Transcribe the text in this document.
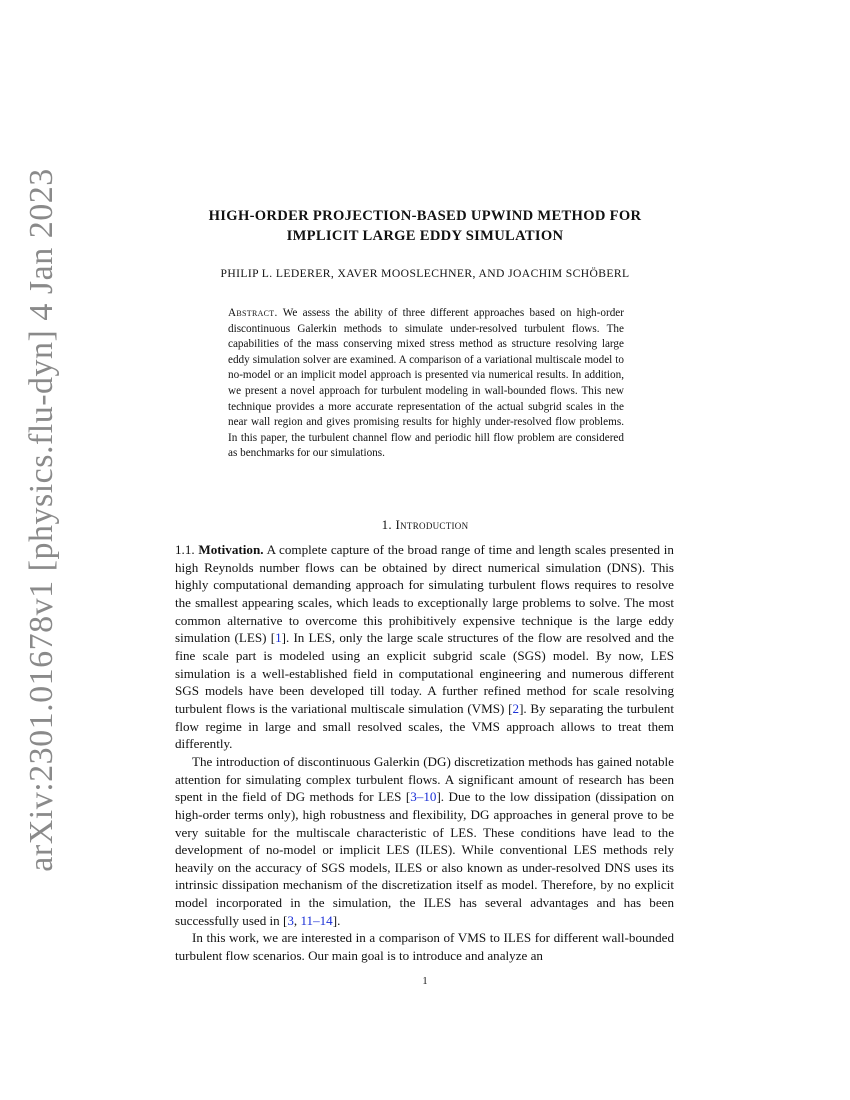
arXiv:2301.01678v1 [physics.flu-dyn] 4 Jan 2023	HIGH-ORDER PROJECTION-BASED UPWIND METHOD FOR
IMPLICIT LARGE EDDY SIMULATION
PHILIP L. LEDERER, XAVER MOOSLECHNER, AND JOACHIM SCHÖBERL
Abstract. We assess the ability of three different approaches based on high-order discontinuous Galerkin methods to simulate under-resolved turbulent flows. The capabilities of the mass conserving mixed stress method as structure resolving large eddy simulation solver are examined. A comparison of a variational multiscale model to no-model or an implicit model approach is presented via numerical results. In addition, we present a novel approach for turbulent modeling in wall-bounded flows. This new technique provides a more accurate representation of the actual subgrid scales in the near wall region and gives promising results for highly under-resolved flow problems. In this paper, the turbulent channel flow and periodic hill flow problem are considered as benchmarks for our simulations.
1. Introduction

1.1. Motivation. A complete capture of the broad range of time and length scales presented in high Reynolds number flows can be obtained by direct numerical simulation (DNS). This highly computational demanding approach for simulating turbulent flows requires to resolve the smallest appearing scales, which leads to exceptionally large problems to solve. The most common alternative to overcome this prohibitively expensive technique is the large eddy simulation (LES) [1]. In LES, only the large scale structures of the flow are resolved and the fine scale part is modeled using an explicit subgrid scale (SGS) model. By now, LES simulation is a well-established field in computational engineering and numerous different SGS models have been developed till today. A further refined method for scale resolving turbulent flows is the variational multiscale simulation (VMS) [2]. By separating the turbulent flow regime in large and small resolved scales, the VMS approach allows to treat them differently.

The introduction of discontinuous Galerkin (DG) discretization methods has gained notable attention for simulating complex turbulent flows. A significant amount of research has been spent in the field of DG methods for LES [3–10]. Due to the low dissipation (dissipation on high-order terms only), high robustness and flexibility, DG approaches in general prove to be very suitable for the multiscale characteristic of LES. These conditions have lead to the development of no-model or implicit LES (ILES). While conventional LES methods rely heavily on the accuracy of SGS models, ILES or also known as under-resolved DNS uses its intrinsic dissipation mechanism of the discretization itself as model. Therefore, by no explicit model incorporated in the simulation, the ILES has several advantages and has been successfully used in [3, 11–14].

In this work, we are interested in a comparison of VMS to ILES for different wall-bounded turbulent flow scenarios. Our main goal is to introduce and analyze an

1
